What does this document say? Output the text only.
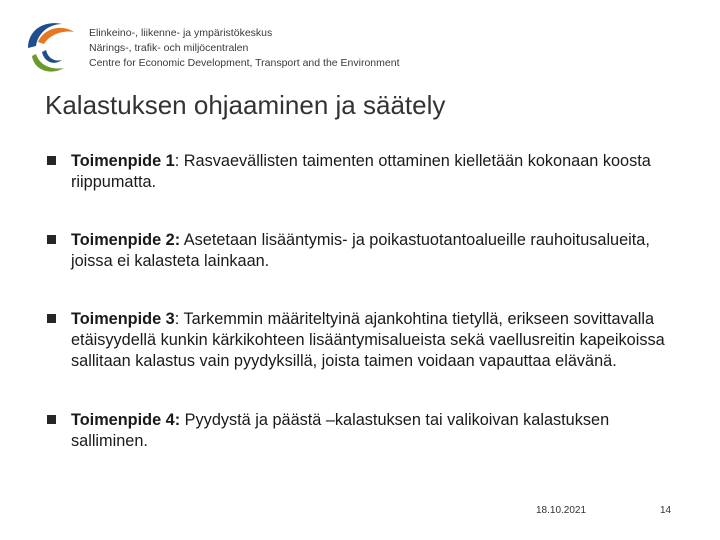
Elinkeino-, liikenne- ja ympäristökeskus
Närings-, trafik- och miljöcentralen
Centre for Economic Development, Transport and the Environment
Kalastuksen ohjaaminen ja säätely
Toimenpide 1: Rasvaevällisten taimenten ottaminen kielletään kokonaan koosta riippumatta.
Toimenpide 2: Asetetaan lisääntymis- ja poikastuotantoalueille rauhoitusalueita, joissa ei kalasteta lainkaan.
Toimenpide 3: Tarkemmin määriteltyinä ajankohtina tietyllä, erikseen sovittavalla etäisyydellä kunkin kärkikohteen lisääntymisalueista sekä vaellusreitin kapeikoissa sallitaan kalastus vain pyydyksillä, joista taimen voidaan vapauttaa elävänä.
Toimenpide 4: Pyydystä ja päästä –kalastuksen tai valikoivan kalastuksen salliminen.
18.10.2021	14
